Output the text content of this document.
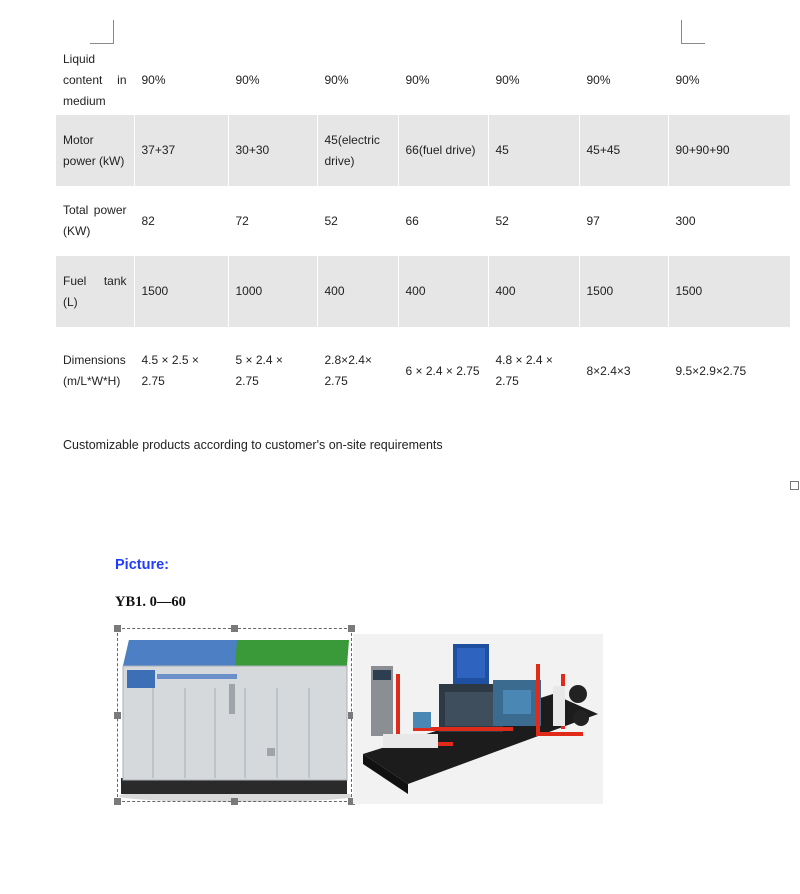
Liquid content in medium	90%	90%	90%	90%	90%	90%	90%
Motor power (kW)	37+37	30+30	45(electric drive)	66(fuel drive)	45	45+45	90+90+90
Total power (KW)	82	72	52	66	52	97	300
Fuel tank (L)	1500	1000	400	400	400	1500	1500
Dimensions (m/L*W*H)	4.5 × 2.5 × 2.75	5 × 2.4 × 2.75	2.8×2.4× 2.75	6 × 2.4 × 2.75	4.8 × 2.4 × 2.75	8×2.4×3	9.5×2.9×2.75
Customizable products according to customer's on-site requirements
Picture:
YB1. 0—60
